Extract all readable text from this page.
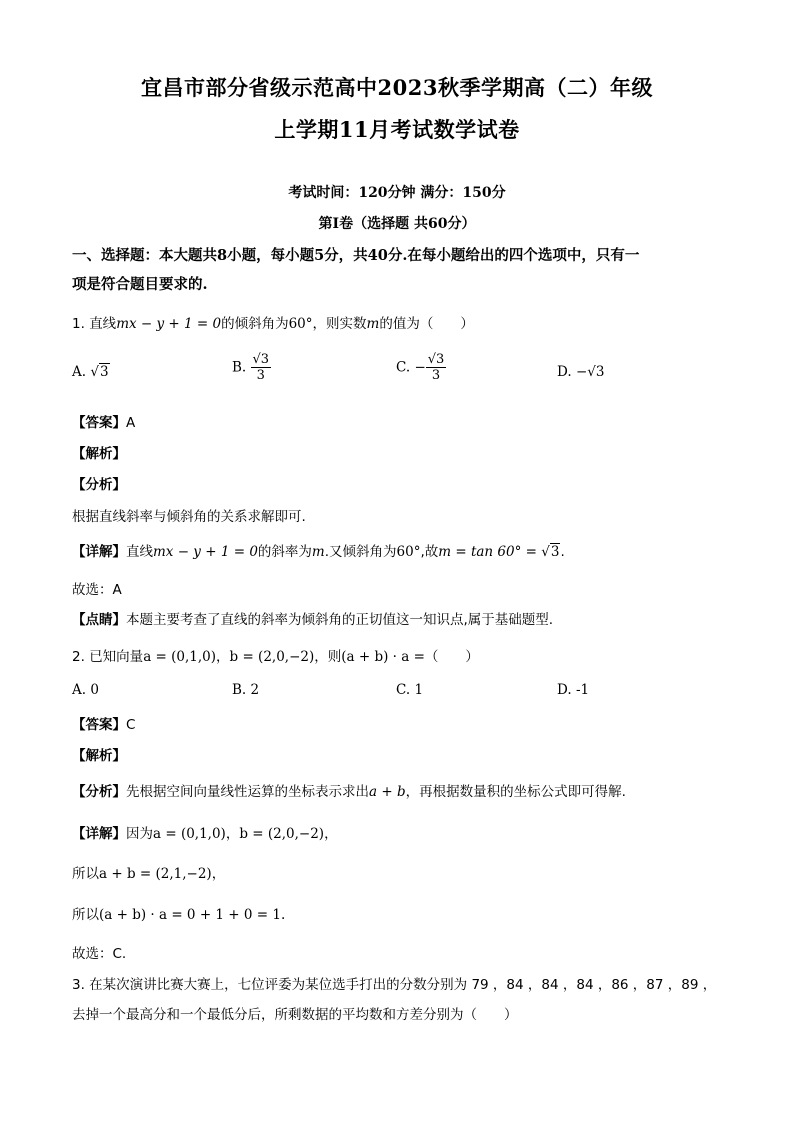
宜昌市部分省级示范高中2023秋季学期高（二）年级
上学期11月考试数学试卷
考试时间：120分钟 满分：150分
第I卷（选择题 共60分）
一、选择题：本大题共8小题，每小题5分，共40分.在每小题给出的四个选项中，只有一
项是符合题目要求的.
1. 直线mx − y + 1 = 0的倾斜角为60°，则实数m的值为（　　）
A. √3	B. $\frac{√3}{3}$	C. − $\frac{√3}{3}$	D. −√3
【答案】A
【解析】
【分析】
根据直线斜率与倾斜角的关系求解即可.
【详解】直线mx − y + 1 = 0的斜率为m.又倾斜角为60°,故m = tan 60° = √3.
故选：A
【点睛】本题主要考查了直线的斜率为倾斜角的正切值这一知识点,属于基础题型.
2. 已知向量a = (0,1,0)，b = (2,0,−2)，则(a + b) · a =（　　）
A. 0	B. 2	C. 1	D. -1
【答案】C
【解析】
【分析】先根据空间向量线性运算的坐标表示求出a + b，再根据数量积的坐标公式即可得解.
【详解】因为a = (0,1,0)，b = (2,0,−2)，
所以a + b = (2,1,−2)，
所以(a + b) · a = 0 + 1 + 0 = 1.
故选：C.
3. 在某次演讲比赛大赛上，七位评委为某位选手打出的分数分别为 79 ，84 ，84 ，84 ，86 ，87 ，89 ，
去掉一个最高分和一个最低分后，所剩数据的平均数和方差分别为（　　）
